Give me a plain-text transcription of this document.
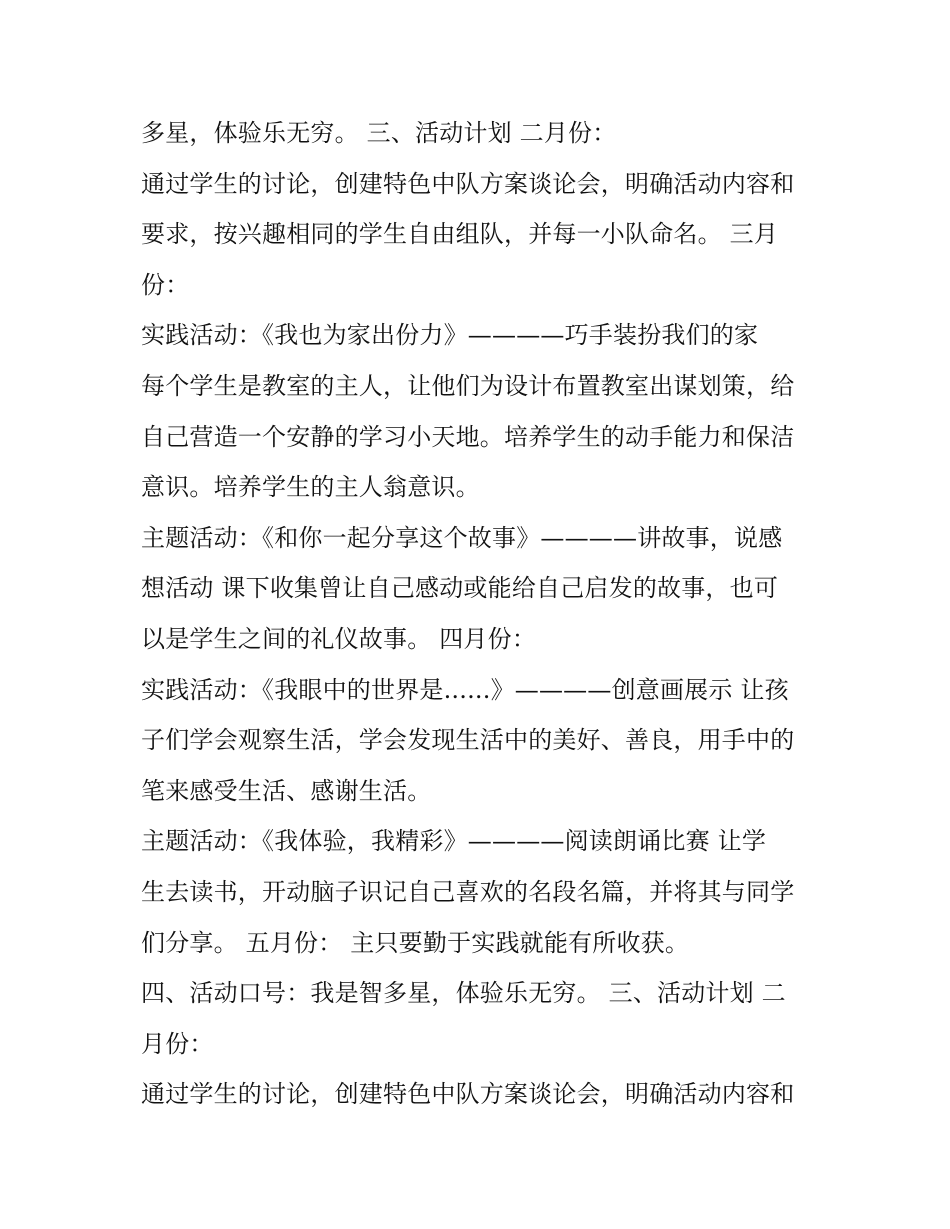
多星，体验乐无穷。 三、活动计划 二月份：
通过学生的讨论，创建特色中队方案谈论会，明确活动内容和
要求，按兴趣相同的学生自由组队，并每一小队命名。 三月
份：
实践活动：《我也为家出份力》————巧手装扮我们的家
每个学生是教室的主人，让他们为设计布置教室出谋划策，给
自己营造一个安静的学习小天地。培养学生的动手能力和保洁
意识。培养学生的主人翁意识。
主题活动：《和你一起分享这个故事》————讲故事，说感
想活动 课下收集曾让自己感动或能给自己启发的故事，也可
以是学生之间的礼仪故事。 四月份：
实践活动：《我眼中的世界是......》————创意画展示 让孩
子们学会观察生活，学会发现生活中的美好、善良，用手中的
笔来感受生活、感谢生活。
主题活动：《我体验，我精彩》————阅读朗诵比赛 让学
生去读书，开动脑子识记自己喜欢的名段名篇，并将其与同学
们分享。 五月份： 主只要勤于实践就能有所收获。
四、活动口号：我是智多星，体验乐无穷。 三、活动计划 二
月份：
通过学生的讨论，创建特色中队方案谈论会，明确活动内容和
